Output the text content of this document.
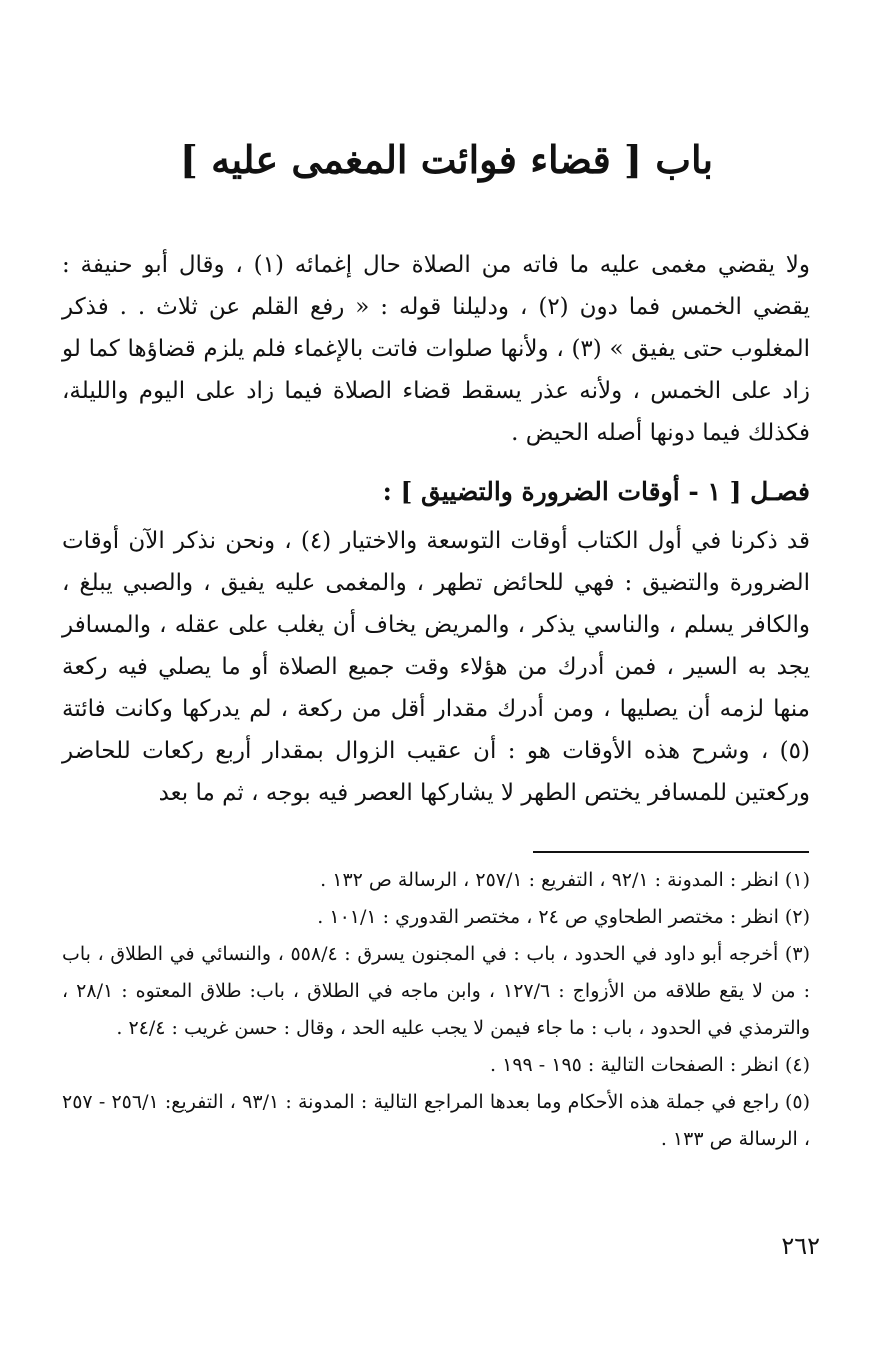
باب [ قضاء فوائت المغمى عليه ]
ولا يقضي مغمى عليه ما فاته من الصلاة حال إغمائه (١) ، وقال أبو حنيفة : يقضي الخمس فما دون (٢) ، ودليلنا قوله : « رفع القلم عن ثلاث . . فذكر المغلوب حتى يفيق » (٣) ، ولأنها صلوات فاتت بالإغماء فلم يلزم قضاؤها كما لو زاد على الخمس ، ولأنه عذر يسقط قضاء الصلاة فيما زاد على اليوم والليلة، فكذلك فيما دونها أصله الحيض .
فصـل [ ١ - أوقات الضرورة والتضييق ] :
قد ذكرنا في أول الكتاب أوقات التوسعة والاختيار (٤) ، ونحن نذكر الآن أوقات الضرورة والتضيق : فهي للحائض تطهر ، والمغمى عليه يفيق ، والصبي يبلغ ، والكافر يسلم ، والناسي يذكر ، والمريض يخاف أن يغلب على عقله ، والمسافر يجد به السير ، فمن أدرك من هؤلاء وقت جميع الصلاة أو ما يصلي فيه ركعة منها لزمه أن يصليها ، ومن أدرك مقدار أقل من ركعة ، لم يدركها وكانت فائتة (٥) ، وشرح هذه الأوقات هو : أن عقيب الزوال بمقدار أربع ركعات للحاضر وركعتين للمسافر يختص الطهر لا يشاركها العصر فيه بوجه ، ثم ما بعد

(١) انظر : المدونة : ٩٢/١ ، التفريع : ٢٥٧/١ ، الرسالة ص ١٣٢ .

(٢) انظر : مختصر الطحاوي ص ٢٤ ، مختصر القدوري : ١٠١/١ .

(٣) أخرجه أبو داود في الحدود ، باب : في المجنون يسرق : ٥٥٨/٤ ، والنسائي في الطلاق ، باب : من لا يقع طلاقه من الأزواج : ١٢٧/٦ ، وابن ماجه في الطلاق ، باب: طلاق المعتوه : ٢٨/١ ، والترمذي في الحدود ، باب : ما جاء فيمن لا يجب عليه الحد ، وقال : حسن غريب : ٢٤/٤ .

(٤) انظر : الصفحات التالية : ١٩٥ - ١٩٩ .

(٥) راجع في جملة هذه الأحكام وما بعدها المراجع التالية : المدونة : ٩٣/١ ، التفريع: ٢٥٦/١ - ٢٥٧ ، الرسالة ص ١٣٣ .

٢٦٢
